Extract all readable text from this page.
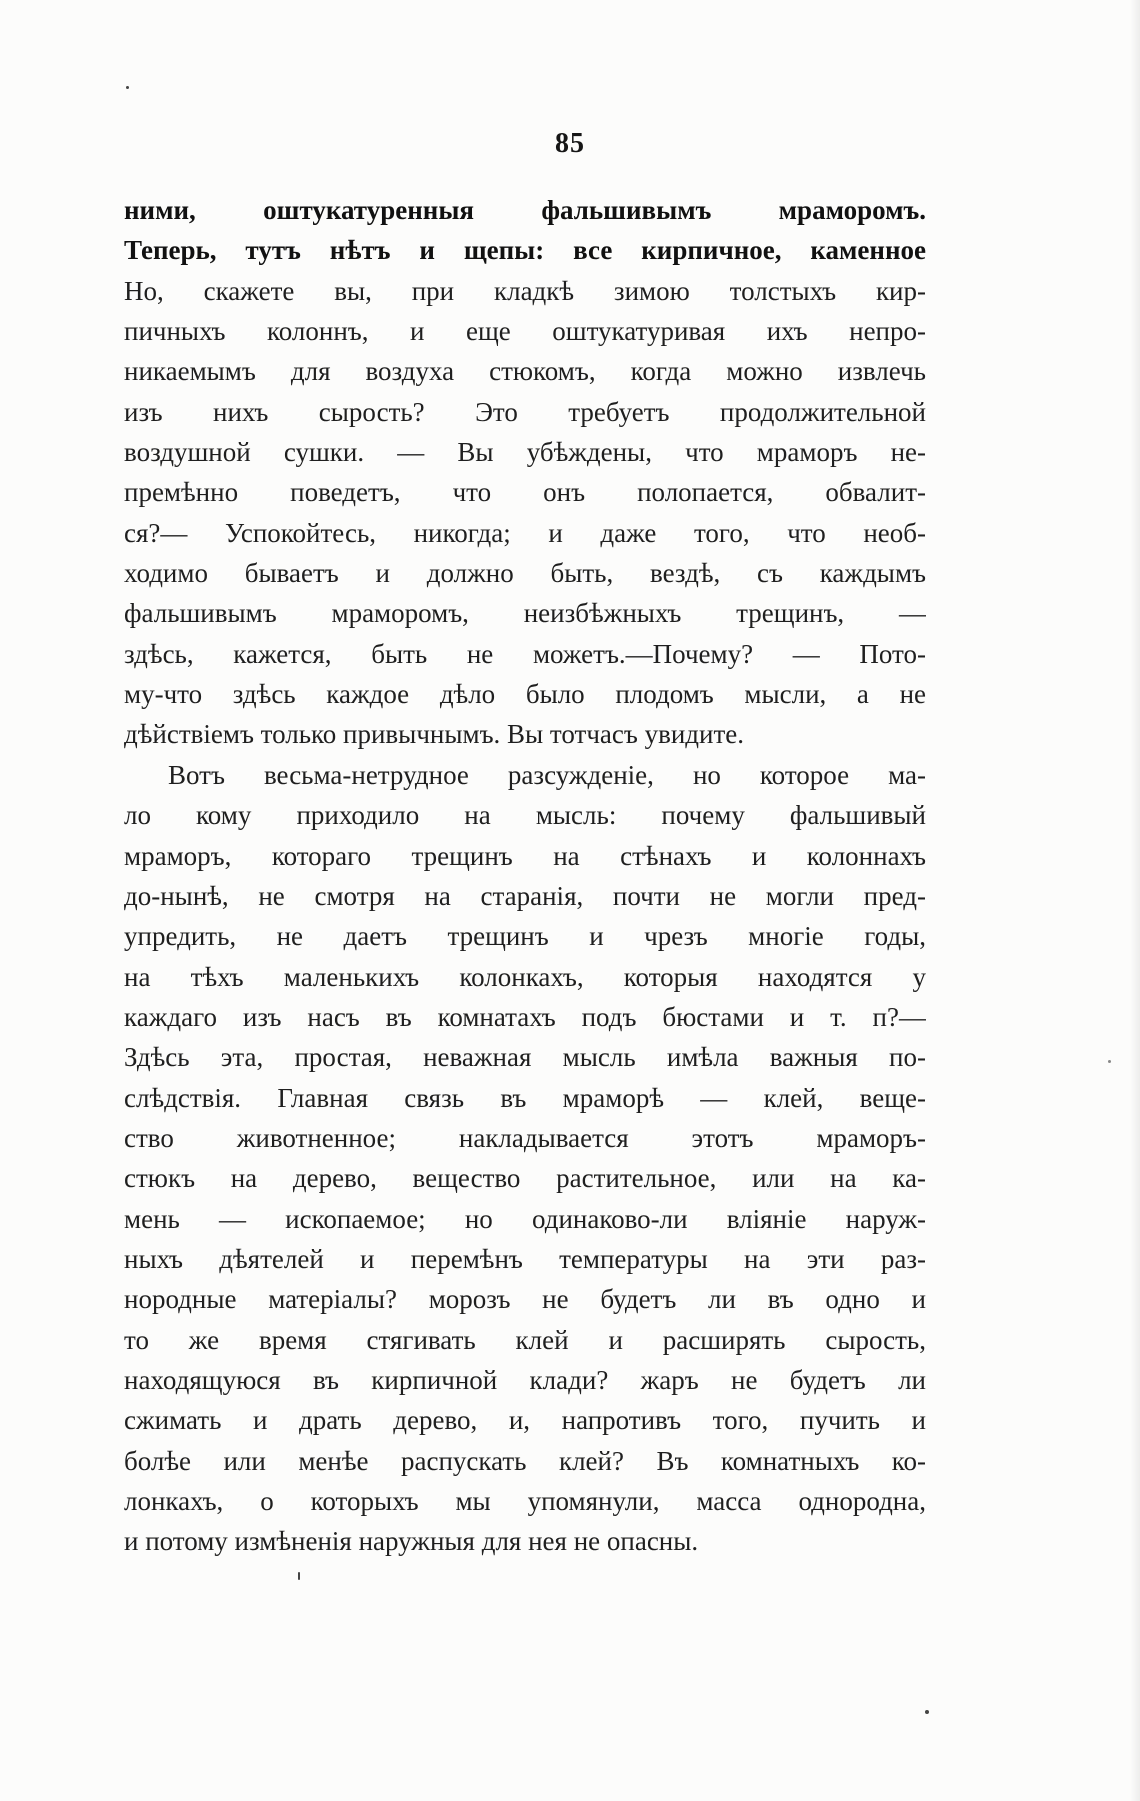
85
ними, оштукатуренныя фальшивымъ мраморомъ.
Теперь, тутъ нѣтъ и щепы: все кирпичное, каменное
Но, скажете вы, при кладкѣ зимою толстыхъ кир-
пичныхъ колоннъ, и еще оштукатуривая ихъ непро-
никаемымъ для воздуха стюкомъ, когда можно извлечь
изъ нихъ сырость? Это требуетъ продолжительной
воздушной сушки. — Вы убѣждены, что мраморъ не-
премѣнно поведетъ, что онъ полопается, обвалит-
ся?— Успокойтесь, никогда; и даже того, что необ-
ходимо бываетъ и должно быть, вездѣ, съ каждымъ
фальшивымъ мраморомъ, неизбѣжныхъ трещинъ, —
здѣсь, кажется, быть не можетъ.—Почему? — Пото-
му-что здѣсь каждое дѣло было плодомъ мысли, а не
дѣйствіемъ только привычнымъ. Вы тотчасъ увидите.
Вотъ весьма-нетрудное разсужденіе, но которое ма-
ло кому приходило на мысль: почему фальшивый
мраморъ, котораго трещинъ на стѣнахъ и колоннахъ
до-нынѣ, не смотря на старанія, почти не могли пред-
упредить, не даетъ трещинъ и чрезъ многіе годы,
на тѣхъ маленькихъ колонкахъ, которыя находятся у
каждаго изъ насъ въ комнатахъ подъ бюстами и т. п?—
Здѣсь эта, простая, неважная мысль имѣла важныя по-
слѣдствія. Главная связь въ мраморѣ — клей, веще-
ство животненное; накладывается этотъ мраморъ-
стюкъ на дерево, вещество растительное, или на ка-
мень — ископаемое; но одинаково-ли вліяніе наруж-
ныхъ дѣятелей и перемѣнъ температуры на эти раз-
нородные матеріалы? морозъ не будетъ ли въ одно и
то же время стягивать клей и расширять сырость,
находящуюся въ кирпичной клади? жаръ не будетъ ли
сжимать и драть дерево, и, напротивъ того, пучить и
болѣе или менѣе распускать клей? Въ комнатныхъ ко-
лонкахъ, о которыхъ мы упомянули, масса однородна,
и потому измѣненія наружныя для нея не опасны.
